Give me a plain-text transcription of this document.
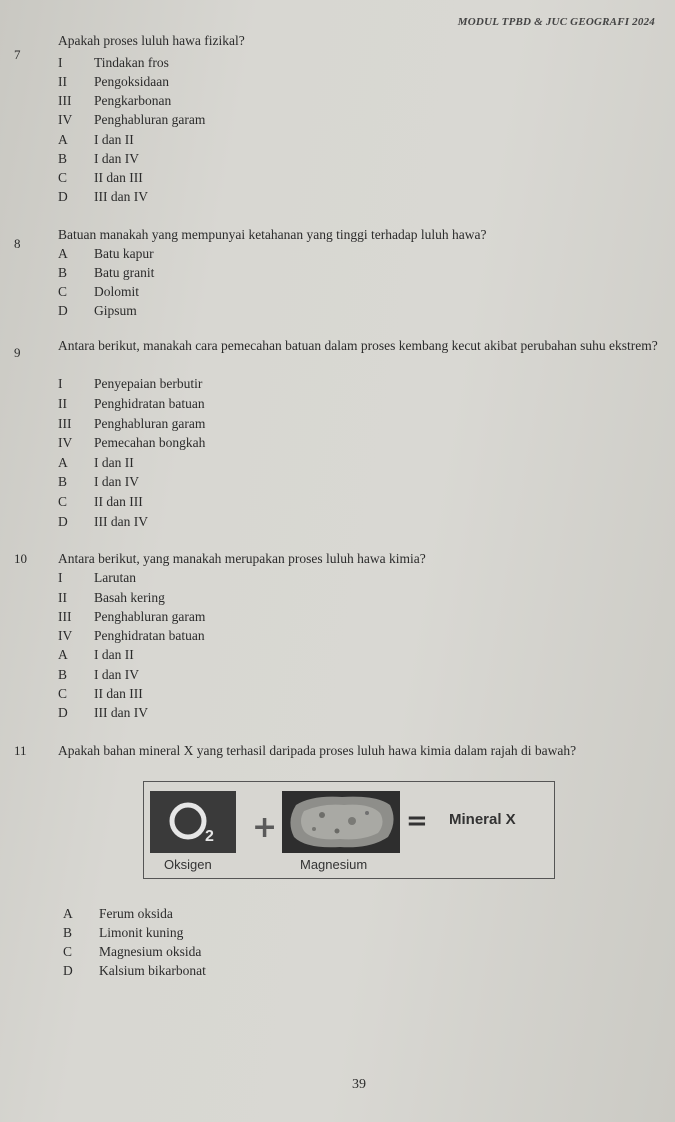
MODUL TPBD & JUC GEOGRAFI 2024
7
Apakah proses luluh hawa fizikal?
I	Tindakan fros
II	Pengoksidaan
III	Pengkarbonan
IV	Penghabluran garam
A	I dan II
B	I dan IV
C	II dan III
D	III dan IV
8
Batuan manakah yang mempunyai ketahanan yang tinggi terhadap luluh hawa?
A	Batu kapur
B	Batu granit
C	Dolomit
D	Gipsum
9	Antara berikut, manakah cara pemecahan batuan dalam proses kembang kecut akibat perubahan suhu ekstrem?
I	Penyepaian berbutir
II	Penghidratan batuan
III	Penghabluran garam
IV	Pemecahan bongkah
A	I dan II
B	I dan IV
C	II dan III
D	III dan IV
10 Antara berikut, yang manakah merupakan proses luluh hawa kimia?
I	Larutan
II	Basah kering
III	Penghabluran garam
IV	Penghidratan batuan
A	I dan II
B	I dan IV
C	II dan III
D	III dan IV
11 Apakah bahan mineral X yang terhasil daripada proses luluh hawa kimia dalam rajah di bawah?
2
O
+	= Mineral X
Oksigen	Magnesium
A	Ferum oksida
B	Limonit kuning
C	Magnesium oksida
D	Kalsium bikarbonat
39
